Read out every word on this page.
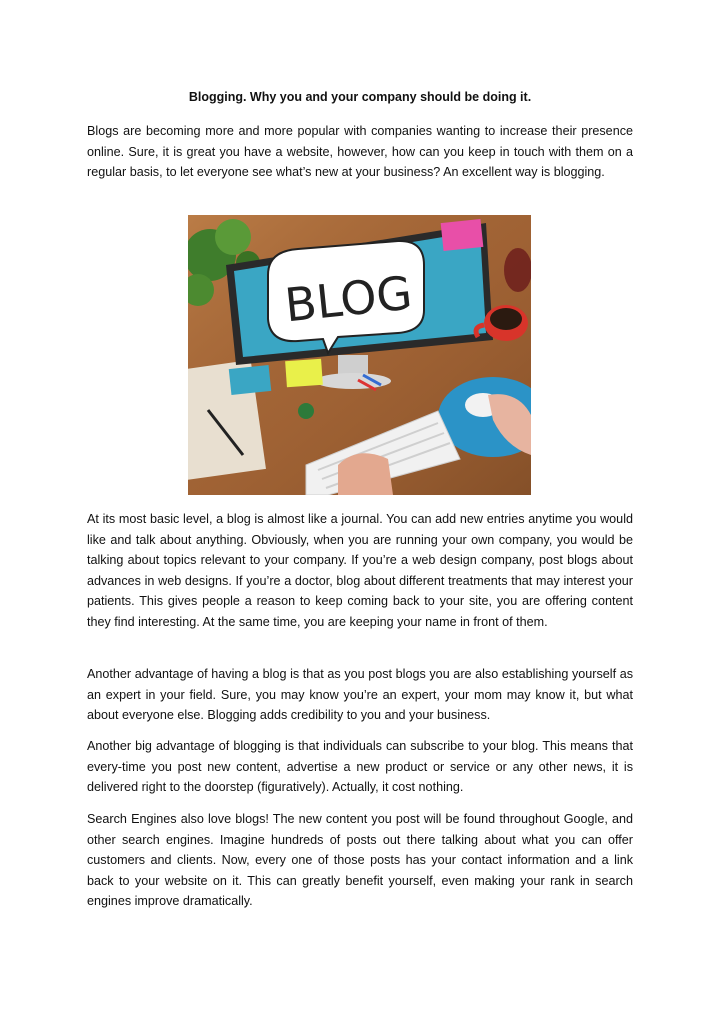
Blogging. Why you and your company should be doing it.

Blogs are becoming more and more popular with companies wanting to increase their presence online. Sure, it is great you have a website, however, how can you keep in touch with them on a regular basis, to let everyone see what’s new at your business? An excellent way is blogging.

BLOG

At its most basic level, a blog is almost like a journal. You can add new entries anytime you would like and talk about anything. Obviously, when you are running your own company, you would be talking about topics relevant to your company. If you’re a web design company, post blogs about advances in web designs. If you’re a doctor, blog about different treatments that may interest your patients. This gives people a reason to keep coming back to your site, you are offering content they find interesting. At the same time, you are keeping your name in front of them.

Another advantage of having a blog is that as you post blogs you are also establishing yourself as an expert in your field. Sure, you may know you’re an expert, your mom may know it, but what about everyone else. Blogging adds credibility to you and your business.

Another big advantage of blogging is that individuals can subscribe to your blog. This means that every-time you post new content, advertise a new product or service or any other news, it is delivered right to the doorstep (figuratively). Actually, it cost nothing.

Search Engines also love blogs! The new content you post will be found throughout Google, and other search engines. Imagine hundreds of posts out there talking about what you can offer customers and clients. Now, every one of those posts has your contact information and a link back to your website on it. This can greatly benefit yourself, even making your rank in search engines improve dramatically.
